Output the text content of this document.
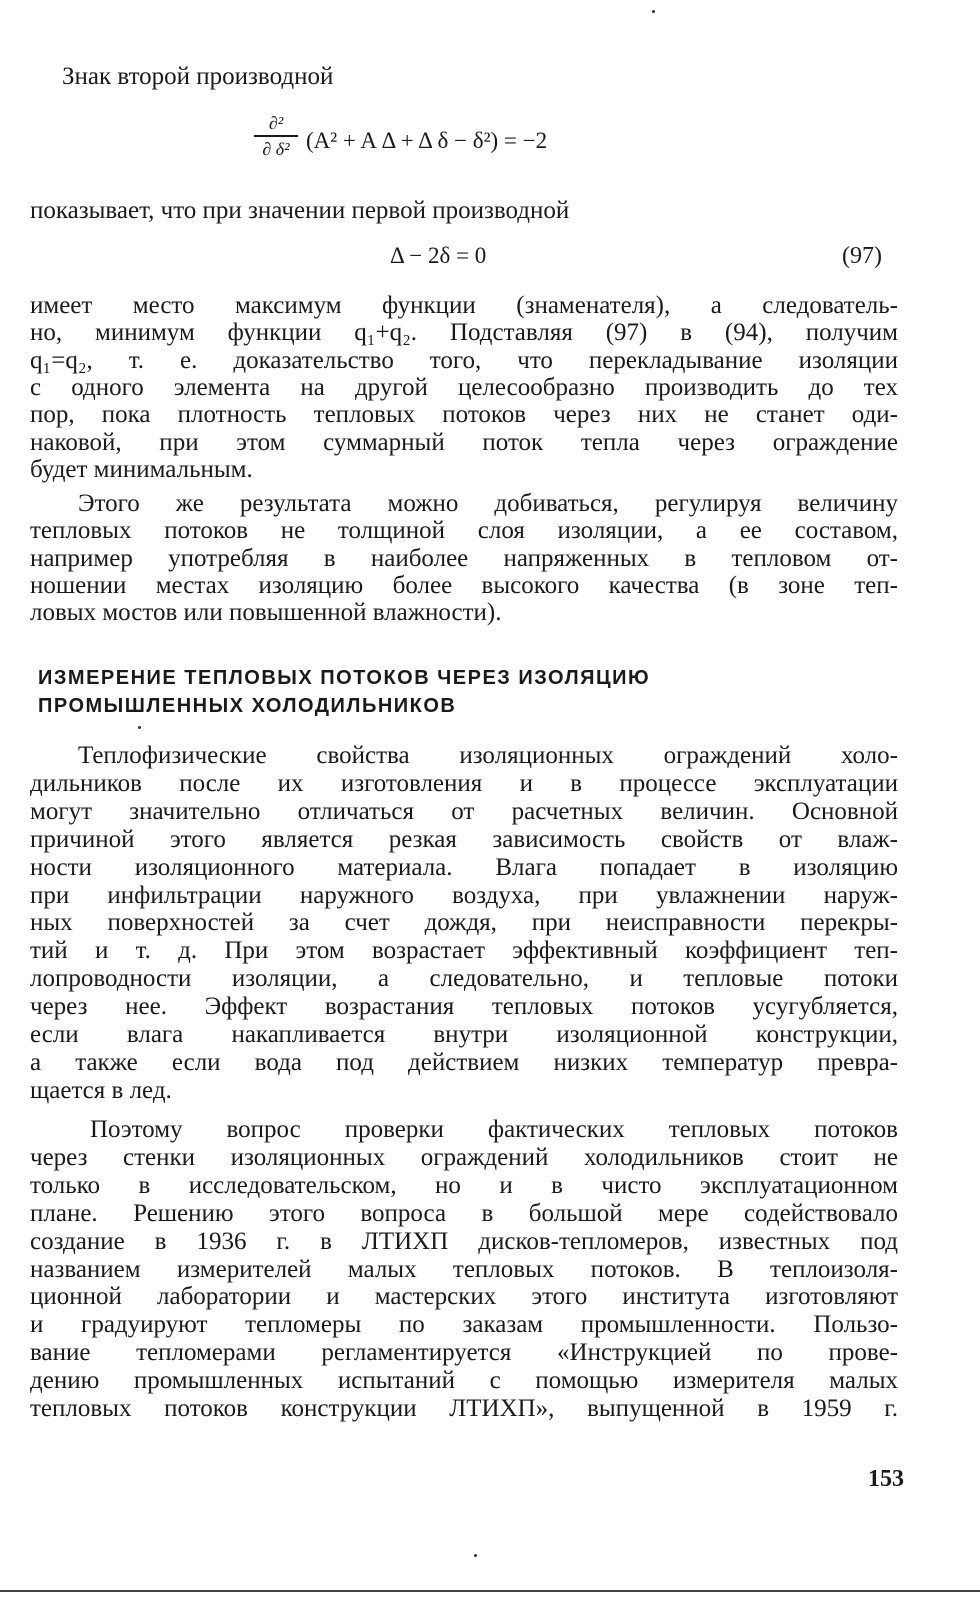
Знак второй производной
∂²
∂ δ² (A² + A Δ + Δ δ − δ²) = −2
показывает, что при значении первой производной
Δ − 2δ = 0	(97)
имеет место максимум функции (знаменателя), а следователь-
но, минимум функции q₁+q₂. Подставляя (97) в (94), получим
q₁=q₂, т. е. доказательство того, что перекладывание изоляции
с одного элемента на другой целесообразно производить до тех
пор, пока плотность тепловых потоков через них не станет оди-
наковой, при этом суммарный поток тепла через ограждение
будет минимальным.
Этого же результата можно добиваться, регулируя величину
тепловых потоков не толщиной слоя изоляции, а ее составом,
например употребляя в наиболее напряженных в тепловом от-
ношении местах изоляцию более высокого качества (в зоне теп-
ловых мостов или повышенной влажности).
ИЗМЕРЕНИЕ ТЕПЛОВЫХ ПОТОКОВ ЧЕРЕЗ ИЗОЛЯЦИЮ
ПРОМЫШЛЕННЫХ ХОЛОДИЛЬНИКОВ
Теплофизические свойства изоляционных ограждений холо-
дильников после их изготовления и в процессе эксплуатации
могут значительно отличаться от расчетных величин. Основной
причиной этого является резкая зависимость свойств от влаж-
ности изоляционного материала. Влага попадает в изоляцию
при инфильтрации наружного воздуха, при увлажнении наруж-
ных поверхностей за счет дождя, при неисправности перекры-
тий и т. д. При этом возрастает эффективный коэффициент теп-
лопроводности изоляции, а следовательно, и тепловые потоки
через нее. Эффект возрастания тепловых потоков усугубляется,
если влага накапливается внутри изоляционной конструкции,
а также если вода под действием низких температур превра-
щается в лед.
Поэтому вопрос проверки фактических тепловых потоков
через стенки изоляционных ограждений холодильников стоит не
только в исследовательском, но и в чисто эксплуатационном
плане. Решению этого вопроса в большой мере содействовало
создание в 1936 г. в ЛТИХП дисков-тепломеров, известных под
названием измерителей малых тепловых потоков. В теплоизоля-
ционной лаборатории и мастерских этого института изготовляют
и градуируют тепломеры по заказам промышленности. Пользо-
вание тепломерами регламентируется «Инструкцией по прове-
дению промышленных испытаний с помощью измерителя малых
тепловых потоков конструкции ЛТИХП», выпущенной в 1959 г.
153
